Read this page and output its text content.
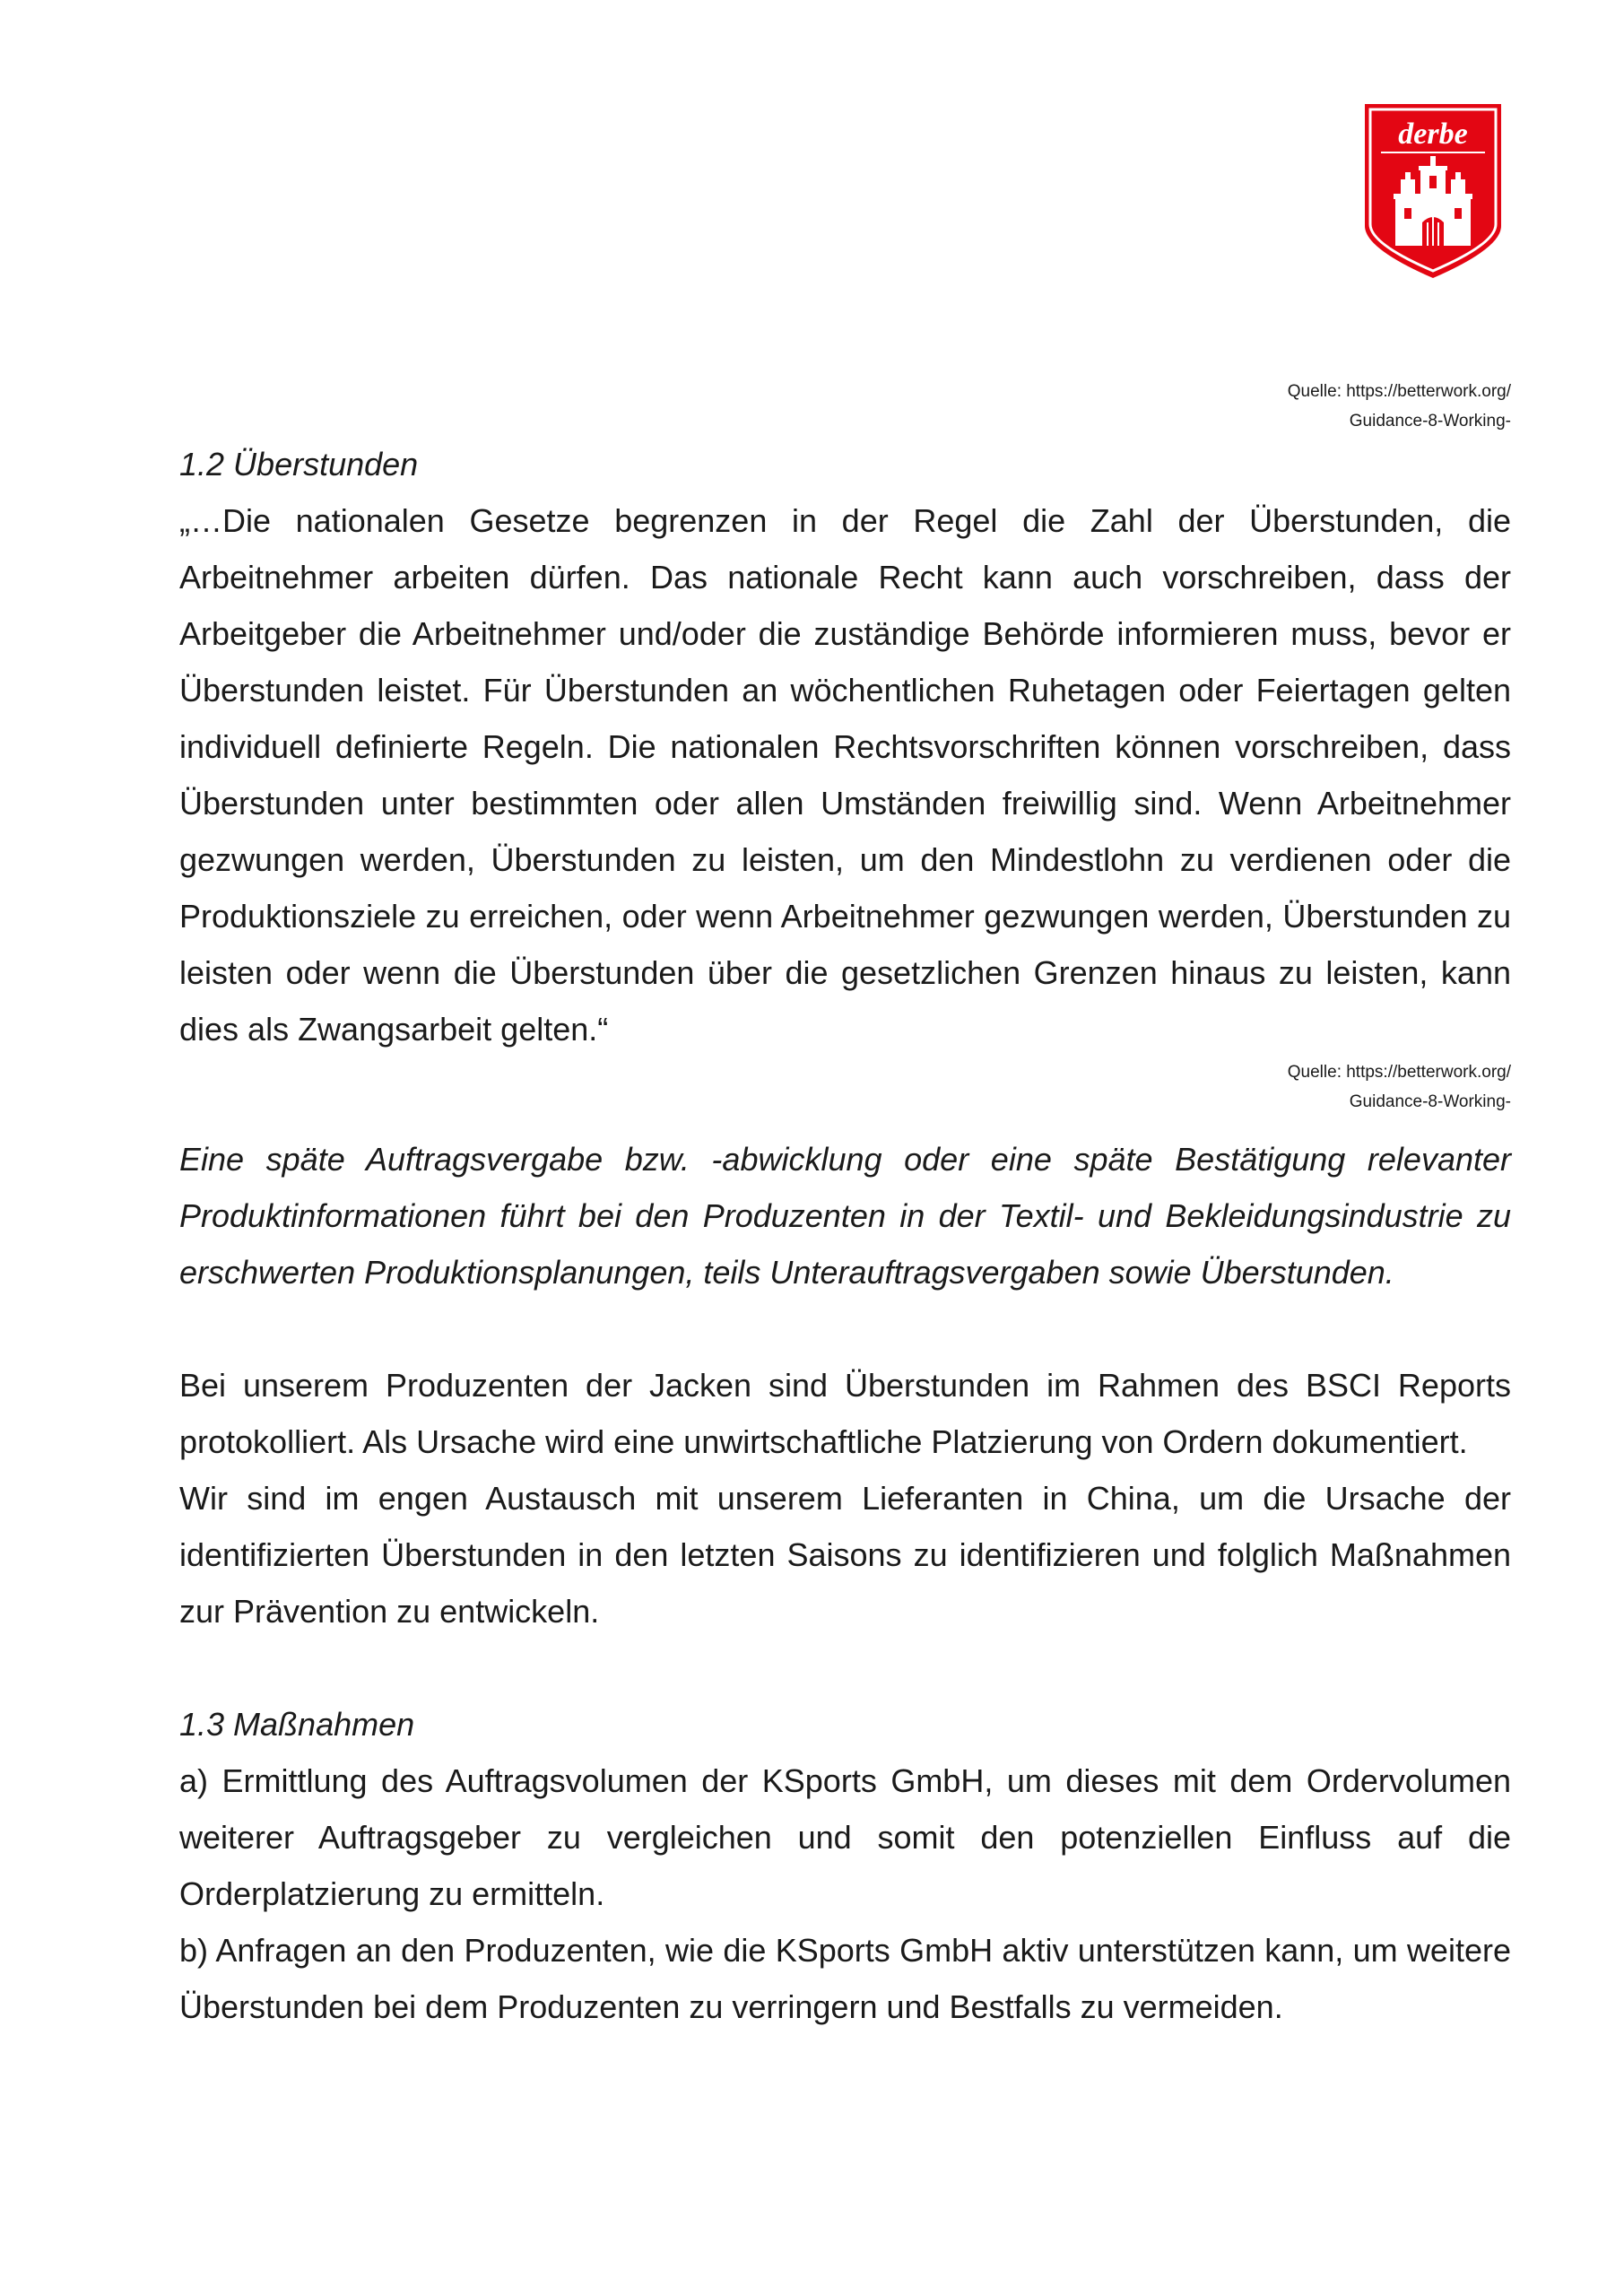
derbe
Quelle: https://betterwork.org/
Guidance-8-Working-
1.2 Überstunden

„…Die nationalen Gesetze begrenzen in der Regel die Zahl der Überstunden, die Arbeitnehmer arbeiten dürfen. Das nationale Recht kann auch vorschreiben, dass der Arbeitgeber die Arbeitnehmer und/oder die zuständige Behörde informieren muss, bevor er Überstunden leistet. Für Überstunden an wöchentlichen Ruhetagen oder Feiertagen gelten individuell definierte Regeln. Die nationalen Rechtsvorschriften können vorschreiben, dass Überstunden unter bestimmten oder allen Umständen freiwillig sind. Wenn Arbeitnehmer gezwungen werden, Überstunden zu leisten, um den Mindestlohn zu verdienen oder die Produktionsziele zu erreichen, oder wenn Arbeitnehmer gezwungen werden, Überstunden zu leisten oder wenn die Überstunden über die gesetzlichen Grenzen hinaus zu leisten, kann dies als Zwangsarbeit gelten.“

Quelle: https://betterwork.org/
Guidance-8-Working-

Eine späte Auftragsvergabe bzw. -abwicklung oder eine späte Bestätigung relevanter Produktinformationen führt bei den Produzenten in der Textil- und Bekleidungsindustrie zu erschwerten Produktionsplanungen, teils Unterauftragsvergaben sowie Überstunden.

Bei unserem Produzenten der Jacken sind Überstunden im Rahmen des BSCI Reports protokolliert. Als Ursache wird eine unwirtschaftliche Platzierung von Ordern dokumentiert.

Wir sind im engen Austausch mit unserem Lieferanten in China, um die Ursache der identifizierten Überstunden in den letzten Saisons zu identifizieren und folglich Maßnahmen zur Prävention zu entwickeln.

1.3 Maßnahmen

a) Ermittlung des Auftragsvolumen der KSports GmbH, um dieses mit dem Ordervolumen weiterer Auftragsgeber zu vergleichen und somit den potenziellen Einfluss auf die Orderplatzierung zu ermitteln.

b) Anfragen an den Produzenten, wie die KSports GmbH aktiv unterstützen kann, um weitere Überstunden bei dem Produzenten zu verringern und Bestfalls zu vermeiden.
